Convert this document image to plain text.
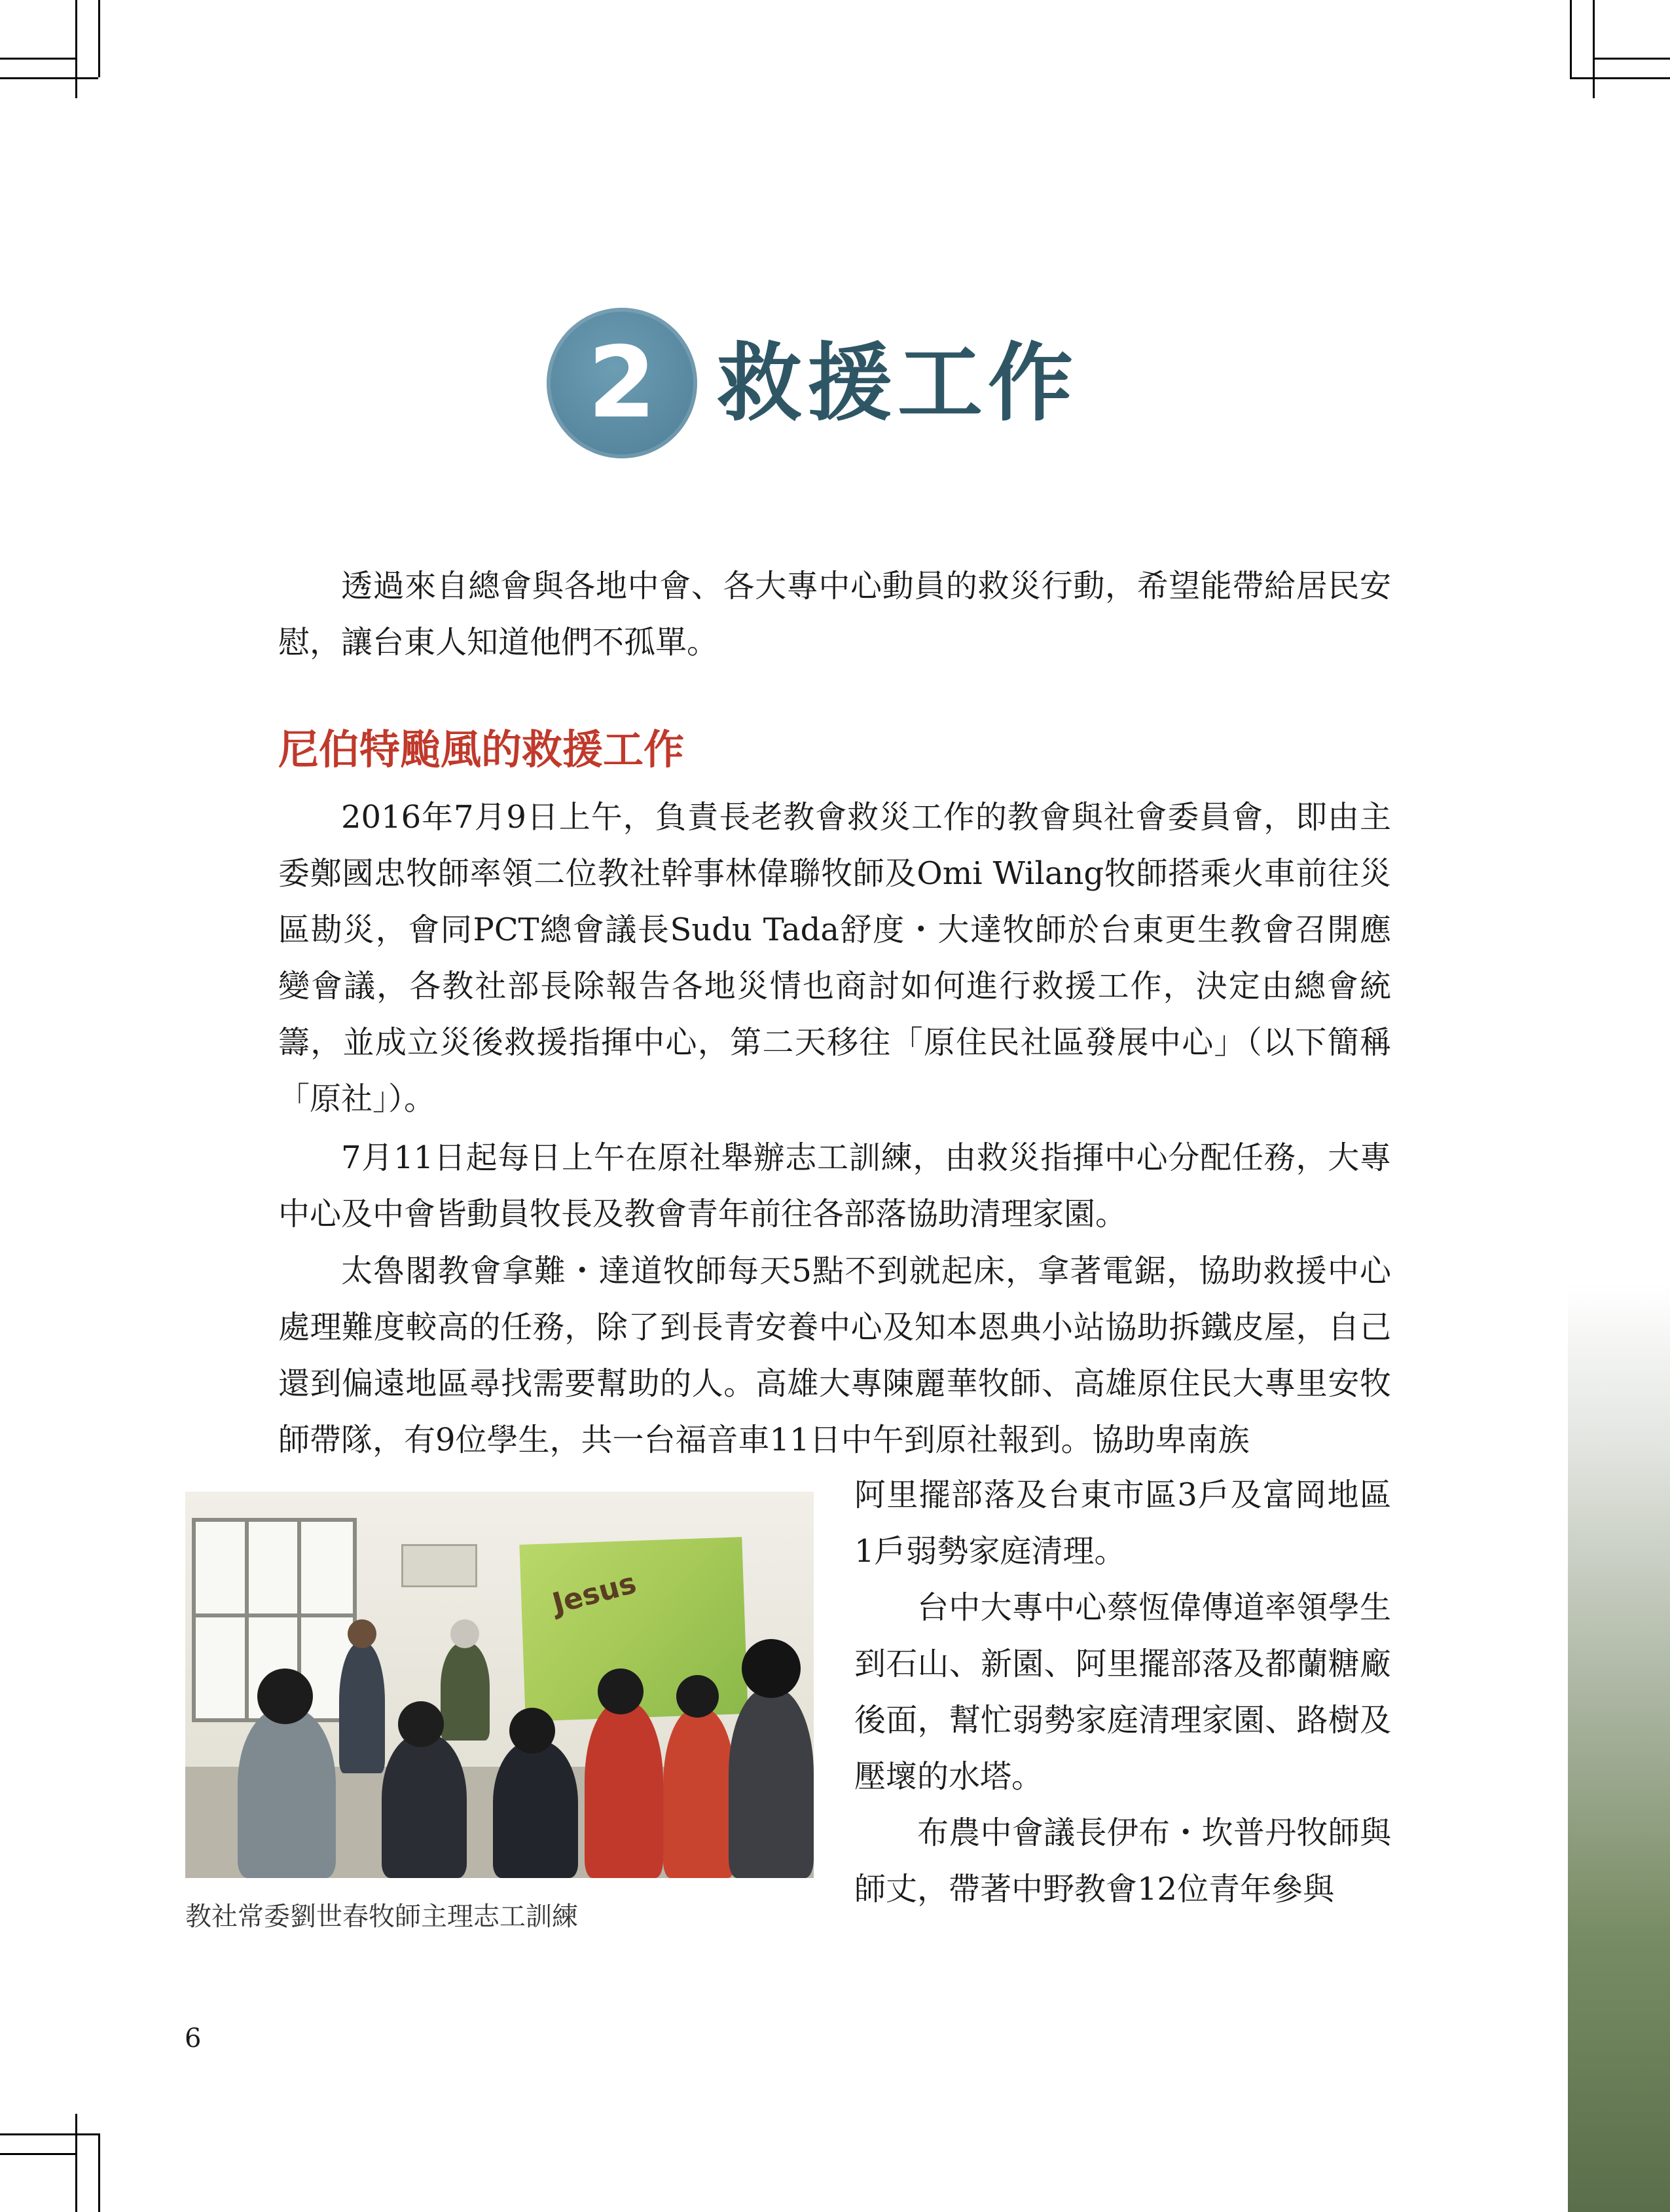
2 救援工作

透過來自總會與各地中會、各大專中心動員的救災行動，希望能帶給居民安慰，讓台東人知道他們不孤單。

尼伯特颱風的救援工作

2016年7月9日上午，負責長老教會救災工作的教會與社會委員會，即由主委鄭國忠牧師率領二位教社幹事林偉聯牧師及Omi Wilang牧師搭乘火車前往災區勘災，會同PCT總會議長Sudu Tada舒度・大達牧師於台東更生教會召開應變會議，各教社部長除報告各地災情也商討如何進行救援工作，決定由總會統籌，並成立災後救援指揮中心，第二天移往「原住民社區發展中心」（以下簡稱「原社」）。

7月11日起每日上午在原社舉辦志工訓練，由救災指揮中心分配任務，大專中心及中會皆動員牧長及教會青年前往各部落協助清理家園。

太魯閣教會拿難・達道牧師每天5點不到就起床，拿著電鋸，協助救援中心處理難度較高的任務，除了到長青安養中心及知本恩典小站協助拆鐵皮屋，自己還到偏遠地區尋找需要幫助的人。高雄大專陳麗華牧師、高雄原住民大專里安牧師帶隊，有9位學生，共一台福音車11日中午到原社報到。協助卑南族

Jesus

教社常委劉世春牧師主理志工訓練

阿里擺部落及台東市區3戶及富岡地區1戶弱勢家庭清理。

台中大專中心蔡恆偉傳道率領學生到石山、新園、阿里擺部落及都蘭糖廠後面，幫忙弱勢家庭清理家園、路樹及壓壞的水塔。

布農中會議長伊布・坎普丹牧師與師丈，帶著中野教會12位青年參與

6
